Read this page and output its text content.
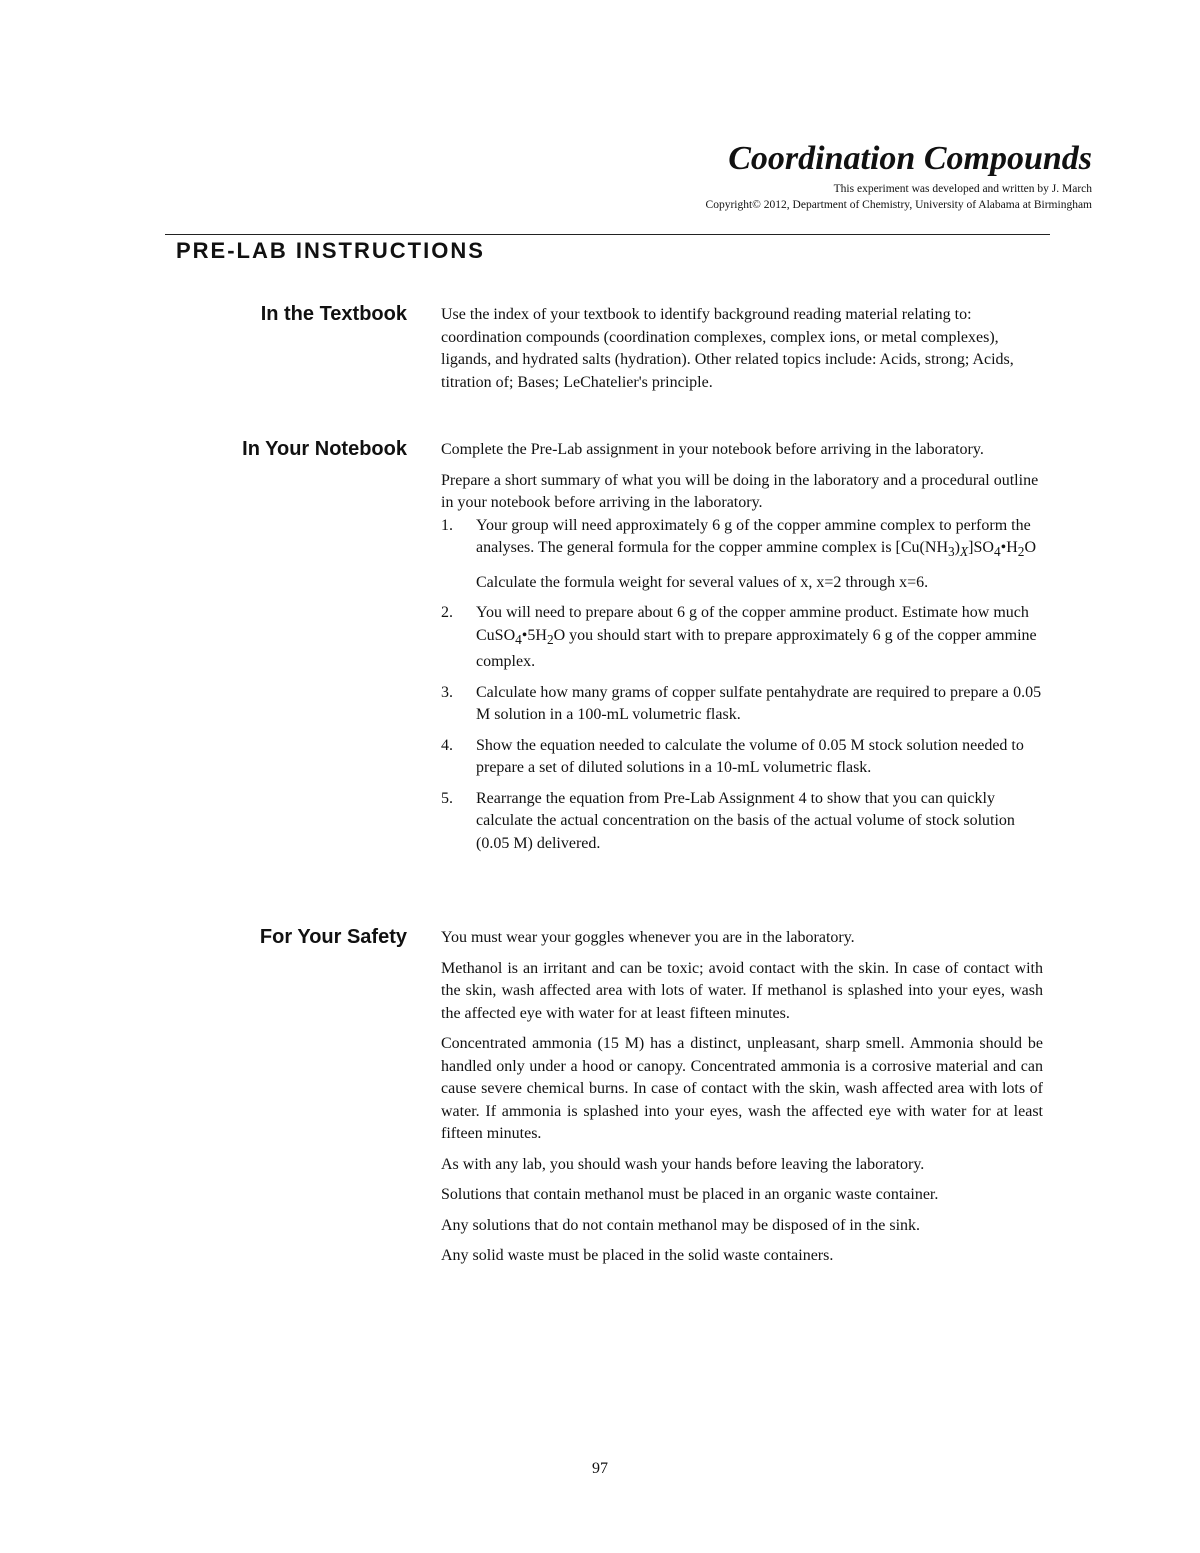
Coordination Compounds
This experiment was developed and written by J. March
Copyright© 2012, Department of Chemistry, University of Alabama at Birmingham
PRE-LAB INSTRUCTIONS
In the Textbook Use the index of your textbook to identify background reading material relating to: coordination compounds (coordination complexes, complex ions, or metal complexes), ligands, and hydrated salts (hydration). Other related topics include: Acids, strong; Acids, titration of; Bases; LeChatelier's principle.

In Your Notebook Complete the Pre-Lab assignment in your notebook before arriving in the laboratory.

Prepare a short summary of what you will be doing in the laboratory and a procedural outline in your notebook before arriving in the laboratory.

1. Your group will need approximately 6 g of the copper ammine complex to perform the analyses. The general formula for the copper ammine complex is $[Cu(NH_3)_X]SO_4•H_2O$
Calculate the formula weight for several values of x, x=2 through x=6.
2. You will need to prepare about 6 g of the copper ammine product. Estimate how much $CuSO_4•5H_2O$ you should start with to prepare approximately 6 g of the copper ammine complex.
3. Calculate how many grams of copper sulfate pentahydrate are required to prepare a 0.05 M solution in a 100-mL volumetric flask.
4. Show the equation needed to calculate the volume of 0.05 M stock solution needed to prepare a set of diluted solutions in a 10-mL volumetric flask.
5. Rearrange the equation from Pre-Lab Assignment 4 to show that you can quickly calculate the actual concentration on the basis of the actual volume of stock solution (0.05 M) delivered.
For Your Safety You must wear your goggles whenever you are in the laboratory.

Methanol is an irritant and can be toxic; avoid contact with the skin. In case of contact with the skin, wash affected area with lots of water. If methanol is splashed into your eyes, wash the affected eye with water for at least fifteen minutes.

Concentrated ammonia (15 M) has a distinct, unpleasant, sharp smell. Ammonia should be handled only under a hood or canopy. Concentrated ammonia is a corrosive material and can cause severe chemical burns. In case of contact with the skin, wash affected area with lots of water. If ammonia is splashed into your eyes, wash the affected eye with water for at least fifteen minutes.

As with any lab, you should wash your hands before leaving the laboratory.

Solutions that contain methanol must be placed in an organic waste container.

Any solutions that do not contain methanol may be disposed of in the sink.

Any solid waste must be placed in the solid waste containers.

97
